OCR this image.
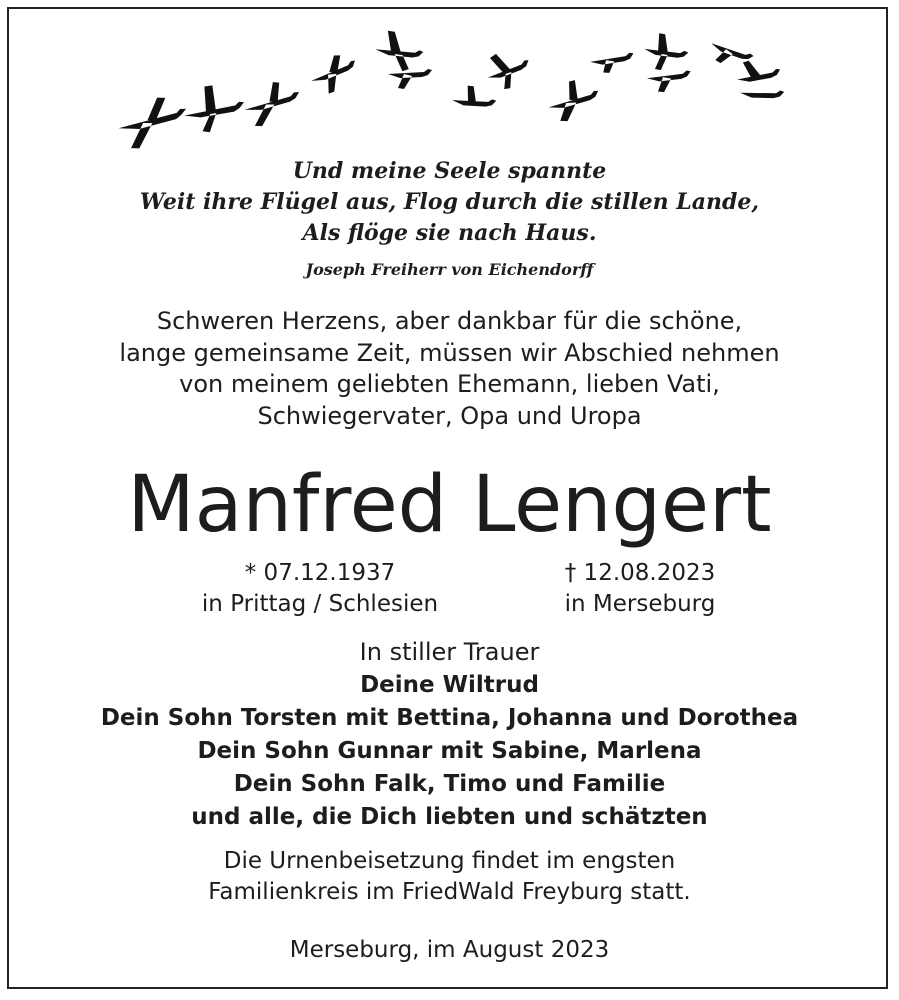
Und meine Seele spannte
Weit ihre Flügel aus, Flog durch die stillen Lande,
Als flöge sie nach Haus.
Joseph Freiherr von Eichendorff
Schweren Herzens, aber dankbar für die schöne,
lange gemeinsame Zeit, müssen wir Abschied nehmen
von meinem geliebten Ehemann, lieben Vati,
Schwiegervater, Opa und Uropa
Manfred Lengert
* 07.12.1937
in Prittag / Schlesien
† 12.08.2023
in Merseburg
In stiller Trauer
Deine Wiltrud
Dein Sohn Torsten mit Bettina, Johanna und Dorothea
Dein Sohn Gunnar mit Sabine, Marlena
Dein Sohn Falk, Timo und Familie
und alle, die Dich liebten und schätzten
Die Urnenbeisetzung findet im engsten
Familienkreis im FriedWald Freyburg statt.
Merseburg, im August 2023
